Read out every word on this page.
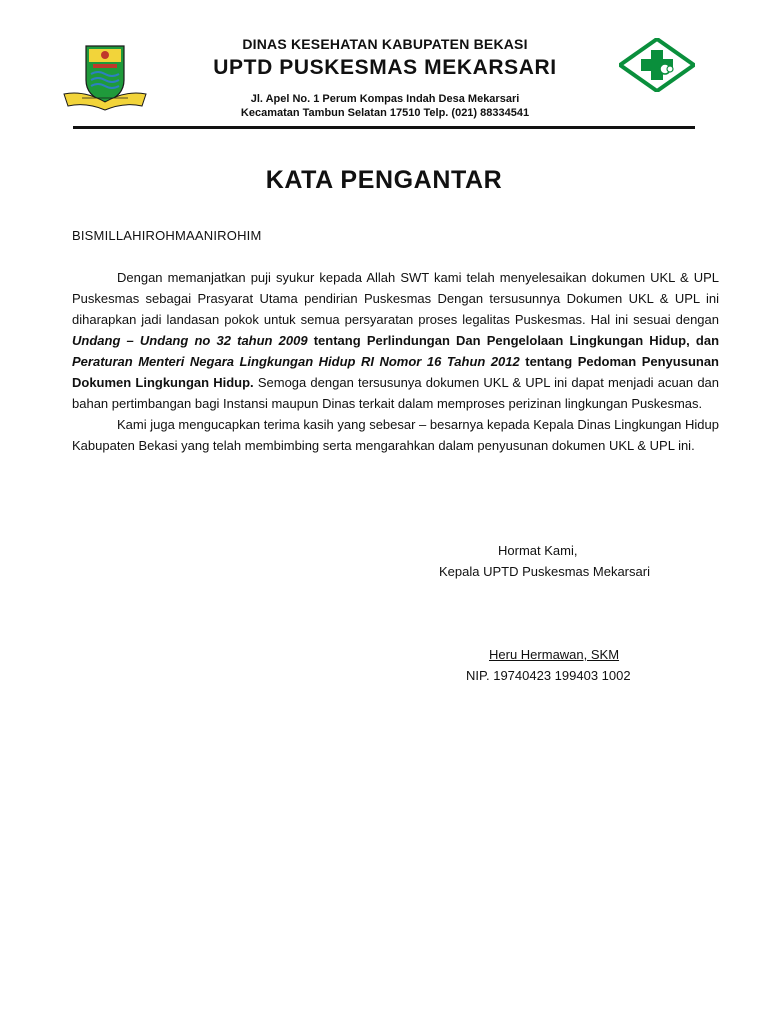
DINAS KESEHATAN KABUPATEN BEKASI
UPTD PUSKESMAS MEKARSARI
Jl. Apel No. 1 Perum Kompas Indah Desa Mekarsari
Kecamatan Tambun Selatan 17510 Telp. (021) 88334541
KATA PENGANTAR
BISMILLAHIROHMAANIROHIM

Dengan memanjatkan puji syukur kepada Allah SWT kami telah menyelesaikan dokumen UKL & UPL Puskesmas sebagai Prasyarat Utama pendirian Puskesmas Dengan tersusunnya Dokumen UKL & UPL ini diharapkan jadi landasan pokok untuk semua persyaratan proses legalitas Puskesmas. Hal ini sesuai dengan Undang – Undang no 32 tahun 2009 tentang Perlindungan Dan Pengelolaan Lingkungan Hidup, dan Peraturan Menteri Negara Lingkungan Hidup RI Nomor 16 Tahun 2012 tentang Pedoman Penyusunan Dokumen Lingkungan Hidup. Semoga dengan tersusunya dokumen UKL & UPL ini dapat menjadi acuan dan bahan pertimbangan bagi Instansi maupun Dinas terkait dalam memproses perizinan lingkungan Puskesmas.

Kami juga mengucapkan terima kasih yang sebesar – besarnya kepada Kepala Dinas Lingkungan Hidup Kabupaten Bekasi yang telah membimbing serta mengarahkan dalam penyusunan dokumen UKL & UPL ini.

Hormat Kami,
Kepala UPTD Puskesmas Mekarsari
Heru Hermawan, SKM
NIP. 19740423 199403 1002
